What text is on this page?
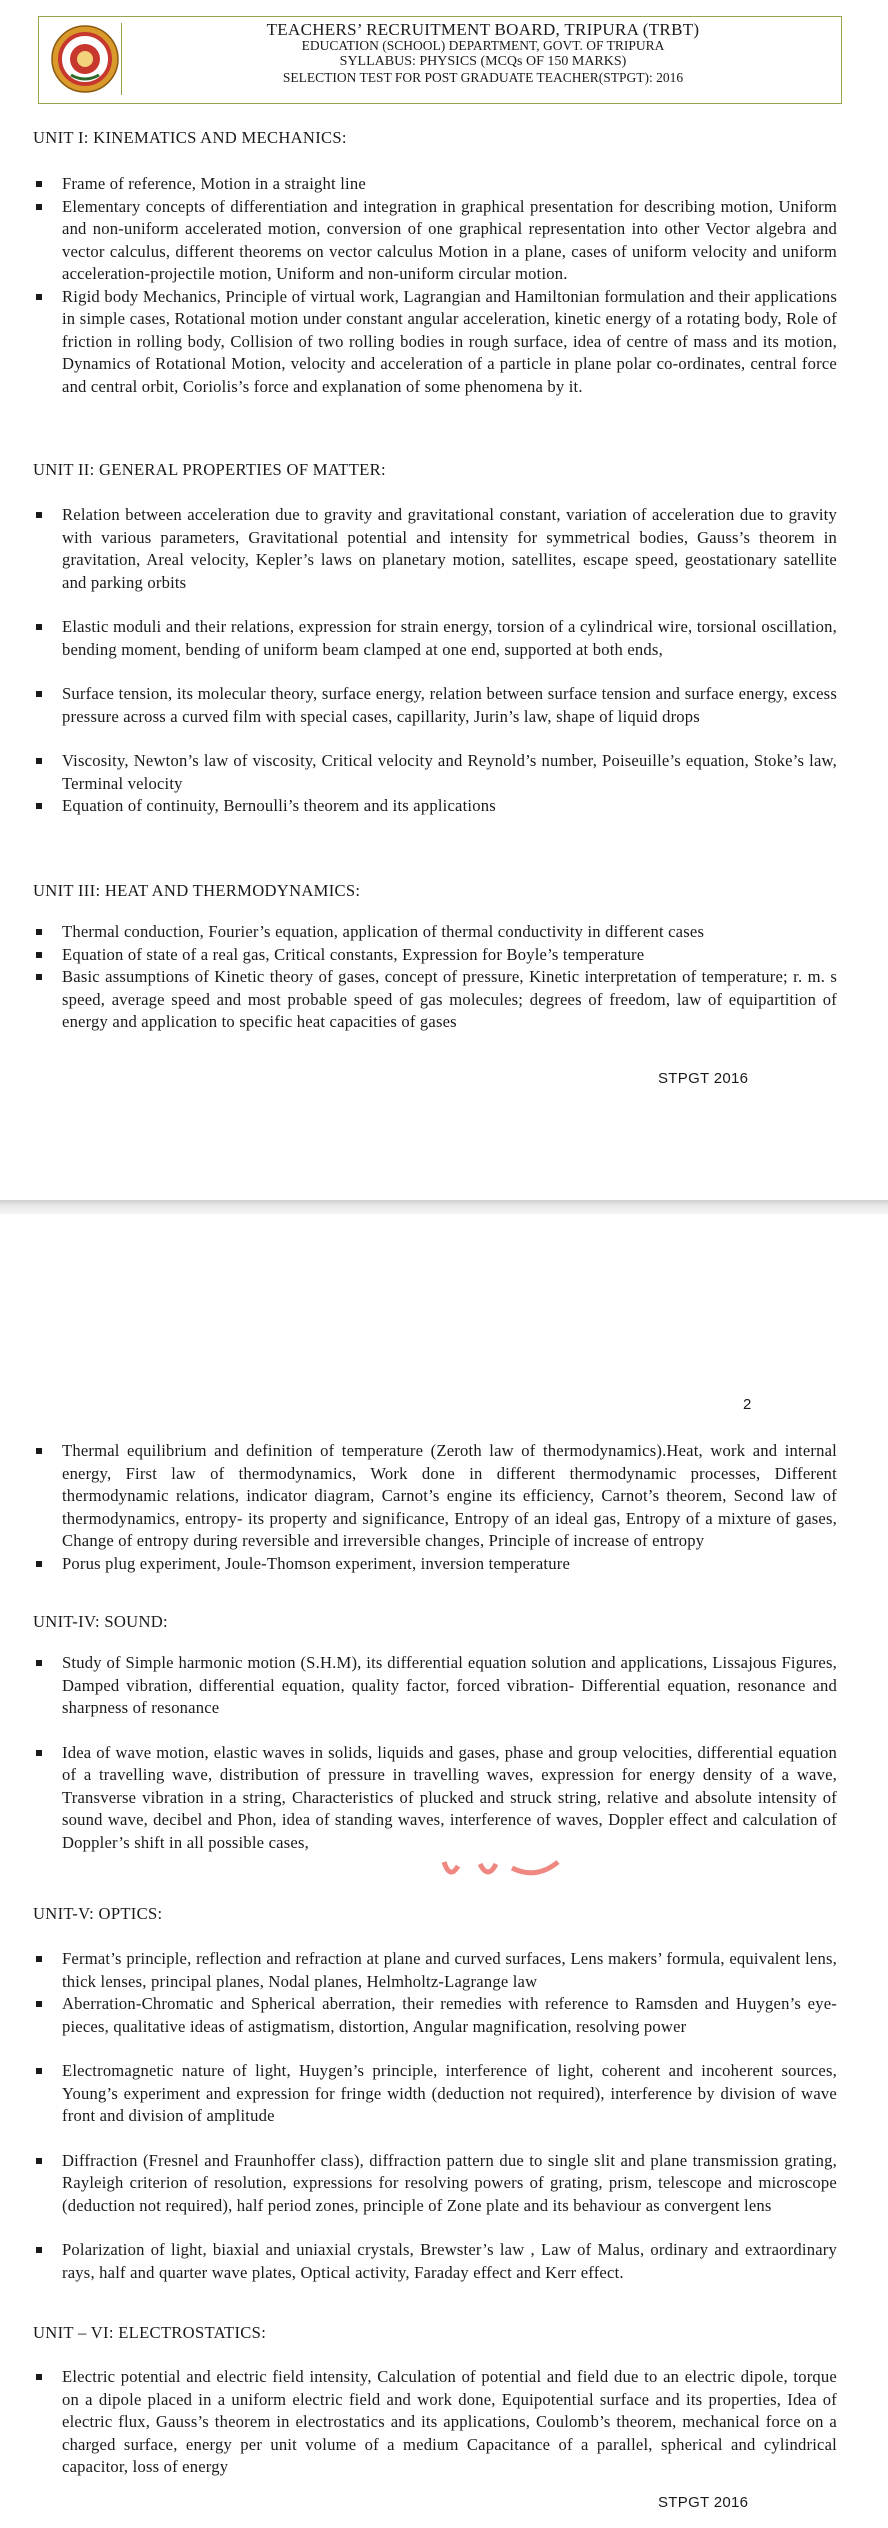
TEACHERS’ RECRUITMENT BOARD, TRIPURA (TRBT)
EDUCATION (SCHOOL) DEPARTMENT, GOVT. OF TRIPURA
SYLLABUS: PHYSICS (MCQs OF 150 MARKS)
SELECTION TEST FOR POST GRADUATE TEACHER(STPGT): 2016
UNIT I: KINEMATICS AND MECHANICS:

Frame of reference, Motion in a straight line

Elementary concepts of differentiation and integration in graphical presentation for describing motion, Uniform and non-uniform accelerated motion, conversion of one graphical representation into other Vector algebra and vector calculus, different theorems on vector calculus Motion in a plane, cases of uniform velocity and uniform acceleration-projectile motion, Uniform and non-uniform circular motion.

Rigid body Mechanics, Principle of virtual work, Lagrangian and Hamiltonian formulation and their applications in simple cases, Rotational motion under constant angular acceleration, kinetic energy of a rotating body, Role of friction in rolling body, Collision of two rolling bodies in rough surface, idea of centre of mass and its motion, Dynamics of Rotational Motion, velocity and acceleration of a particle in plane polar co-ordinates, central force and central orbit, Coriolis’s force and explanation of some phenomena by it.

UNIT II: GENERAL PROPERTIES OF MATTER:

Relation between acceleration due to gravity and gravitational constant, variation of acceleration due to gravity with various parameters, Gravitational potential and intensity for symmetrical bodies, Gauss’s theorem in gravitation, Areal velocity, Kepler’s laws on planetary motion, satellites, escape speed, geostationary satellite and parking orbits

Elastic moduli and their relations, expression for strain energy, torsion of a cylindrical wire, torsional oscillation, bending moment, bending of uniform beam clamped at one end, supported at both ends,

Surface tension, its molecular theory, surface energy, relation between surface tension and surface energy, excess pressure across a curved film with special cases, capillarity, Jurin’s law, shape of liquid drops

Viscosity, Newton’s law of viscosity, Critical velocity and Reynold’s number, Poiseuille’s equation, Stoke’s law, Terminal velocity

Equation of continuity, Bernoulli’s theorem and its applications

UNIT III: HEAT AND THERMODYNAMICS:

Thermal conduction, Fourier’s equation, application of thermal conductivity in different cases

Equation of state of a real gas, Critical constants, Expression for Boyle’s temperature

Basic assumptions of Kinetic theory of gases, concept of pressure, Kinetic interpretation of temperature; r. m. s speed, average speed and most probable speed of gas molecules; degrees of freedom, law of equipartition of energy and application to specific heat capacities of gases

STPGT 2016
2

Thermal equilibrium and definition of temperature (Zeroth law of thermodynamics).Heat, work and internal energy, First law of thermodynamics, Work done in different thermodynamic processes, Different thermodynamic relations, indicator diagram, Carnot’s engine its efficiency, Carnot’s theorem, Second law of thermodynamics, entropy- its property and significance, Entropy of an ideal gas, Entropy of a mixture of gases, Change of entropy during reversible and irreversible changes, Principle of increase of entropy

Porus plug experiment, Joule-Thomson experiment, inversion temperature

UNIT-IV: SOUND:

Study of Simple harmonic motion (S.H.M), its differential equation solution and applications, Lissajous Figures, Damped vibration, differential equation, quality factor, forced vibration- Differential equation, resonance and sharpness of resonance

Idea of wave motion, elastic waves in solids, liquids and gases, phase and group velocities, differential equation of a travelling wave, distribution of pressure in travelling waves, expression for energy density of a wave, Transverse vibration in a string, Characteristics of plucked and struck string, relative and absolute intensity of sound wave, decibel and Phon, idea of standing waves, interference of waves, Doppler effect and calculation of Doppler’s shift in all possible cases,

UNIT-V: OPTICS:

Fermat’s principle, reflection and refraction at plane and curved surfaces, Lens makers’ formula, equivalent lens, thick lenses, principal planes, Nodal planes, Helmholtz-Lagrange law

Aberration-Chromatic and Spherical aberration, their remedies with reference to Ramsden and Huygen’s eye-pieces, qualitative ideas of astigmatism, distortion, Angular magnification, resolving power

Electromagnetic nature of light, Huygen’s principle, interference of light, coherent and incoherent sources, Young’s experiment and expression for fringe width (deduction not required), interference by division of wave front and division of amplitude

Diffraction (Fresnel and Fraunhoffer class), diffraction pattern due to single slit and plane transmission grating, Rayleigh criterion of resolution, expressions for resolving powers of grating, prism, telescope and microscope (deduction not required), half period zones, principle of Zone plate and its behaviour as convergent lens

Polarization of light, biaxial and uniaxial crystals, Brewster’s law , Law of Malus, ordinary and extraordinary rays, half and quarter wave plates, Optical activity, Faraday effect and Kerr effect.

UNIT – VI: ELECTROSTATICS:

Electric potential and electric field intensity, Calculation of potential and field due to an electric dipole, torque on a dipole placed in a uniform electric field and work done, Equipotential surface and its properties, Idea of electric flux, Gauss’s theorem in electrostatics and its applications, Coulomb’s theorem, mechanical force on a charged surface, energy per unit volume of a medium Capacitance of a parallel, spherical and cylindrical capacitor, loss of energy

STPGT 2016
